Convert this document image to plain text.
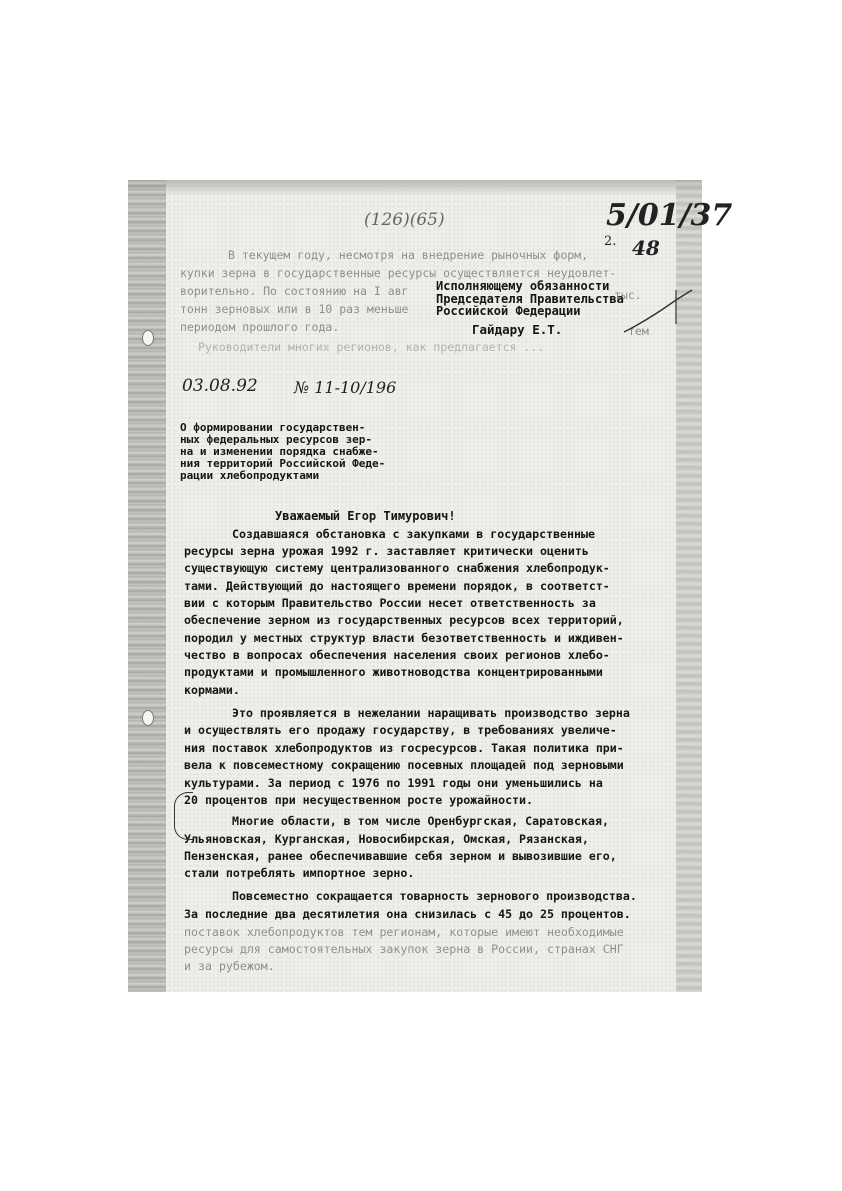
(126)(65)	5/01/37
2. 48
03.08.92 № 11-10/196
В текущем году, несмотря на внедрение рыночных форм,
купки зерна в государственные ресурсы осуществляется неудовлет-
ворительно. По состоянию на I авг
тонн зерновых или в 10 раз меньше
периодом прошлого года.
Руководители многих регионов, как предлагается ...
тыс.
тем
Исполняющему обязанности
Председателя Правительства
Российской Федерации
Гайдару Е.Т.
О формировании государствен-
ных федеральных ресурсов зер-
на и изменении порядка снабже-
ния территорий Российской Феде-
рации хлебопродуктами
Уважаемый Егор Тимурович!
Создавшаяся обстановка с закупками в государственные
ресурсы зерна урожая 1992 г. заставляет критически оценить
существующую систему централизованного снабжения хлебопродук-
тами. Действующий до настоящего времени порядок, в соответст-
вии с которым Правительство России несет ответственность за
обеспечение зерном из государственных ресурсов всех территорий,
породил у местных структур власти безответственность и иждивен-
чество в вопросах обеспечения населения своих регионов хлебо-
продуктами и промышленного животноводства концентрированными
кормами.
Это проявляется в нежелании наращивать производство зерна
и осуществлять его продажу государству, в требованиях увеличе-
ния поставок хлебопродуктов из госресурсов. Такая политика при-
вела к повсеместному сокращению посевных площадей под зерновыми
культурами. За период с 1976 по 1991 годы они уменьшились на
20 процентов при несущественном росте урожайности.
Многие области, в том числе Оренбургская, Саратовская,
Ульяновская, Курганская, Новосибирская, Омская, Рязанская,
Пензенская, ранее обеспечивавшие себя зерном и вывозившие его,
стали потреблять импортное зерно.
Повсеместно сокращается товарность зернового производства.
За последние два десятилетия она снизилась с 45 до 25 процентов.
поставок хлебопродуктов тем регионам, которые имеют необходимые
ресурсы для самостоятельных закупок зерна в России, странах СНГ
и за рубежом.
